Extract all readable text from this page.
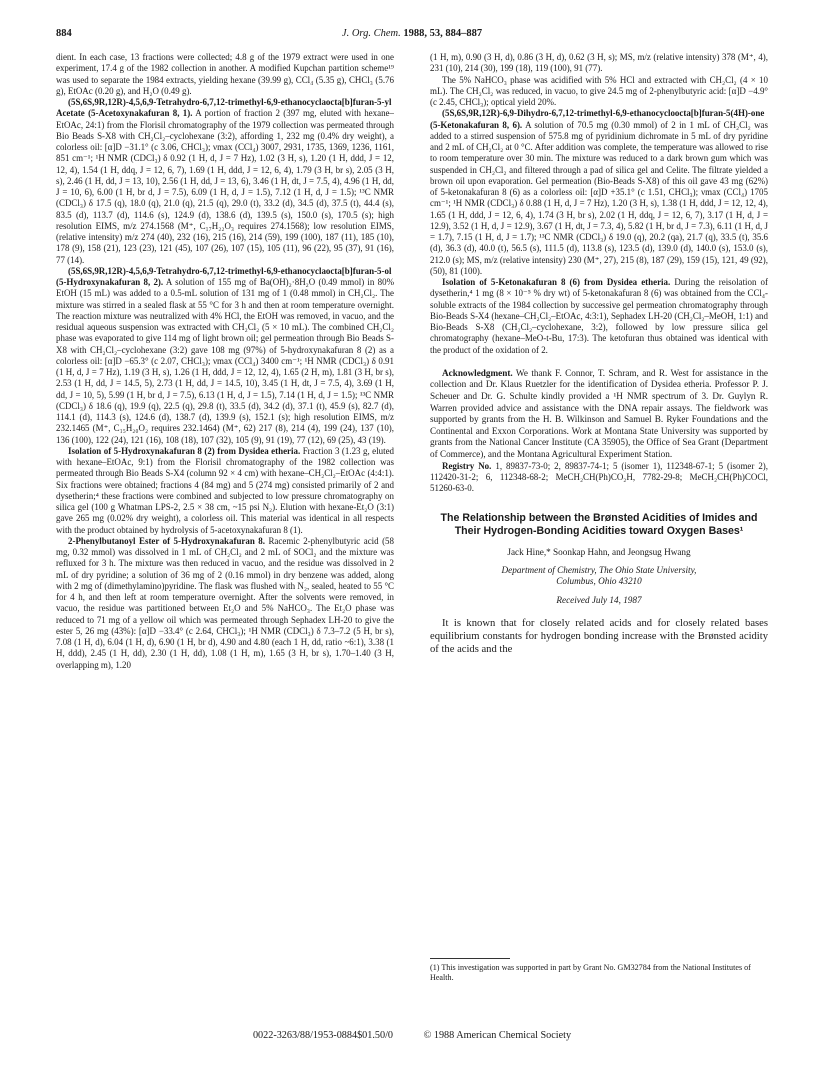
884	J. Org. Chem. 1988, 53, 884–887

dient. In each case, 13 fractions were collected; 4.8 g of the 1979 extract were used in one experiment, 17.4 g of the 1982 collection in another. A modified Kupchan partition scheme¹⁹ was used to separate the 1984 extracts, yielding hexane (39.99 g), CCl₄ (5.35 g), CHCl₃ (5.76 g), EtOAc (0.20 g), and H₂O (0.49 g).

(5S,6S,9R,12R)-4,5,6,9-Tetrahydro-6,7,12-trimethyl-6,9-ethanocyclaocta[b]furan-5-yl Acetate (5-Acetoxynakafuran 8, 1). A portion of fraction 2 (397 mg, eluted with hexane–EtOAc, 24:1) from the Florisil chromatography of the 1979 collection was permeated through Bio Beads S-X8 with CH₂Cl₂–cyclohexane (3:2), affording 1, 232 mg (0.4% dry weight), a colorless oil: [α]D −31.1° (c 3.06, CHCl₃); νmax (CCl₄) 3007, 2931, 1735, 1369, 1236, 1161, 851 cm⁻¹; ¹H NMR (CDCl₃) δ 0.92 (1 H, d, J = 7 Hz), 1.02 (3 H, s), 1.20 (1 H, ddd, J = 12, 12, 4), 1.54 (1 H, ddq, J = 12, 6, 7), 1.69 (1 H, ddd, J = 12, 6, 4), 1.79 (3 H, br s), 2.05 (3 H, s), 2.46 (1 H, dd, J = 13, 10), 2.56 (1 H, dd, J = 13, 6), 3.46 (1 H, dt, J = 7.5, 4), 4.96 (1 H, dd, J = 10, 6), 6.00 (1 H, br d, J = 7.5), 6.09 (1 H, d, J = 1.5), 7.12 (1 H, d, J = 1.5); ¹³C NMR (CDCl₃) δ 17.5 (q), 18.0 (q), 21.0 (q), 21.5 (q), 29.0 (t), 33.2 (d), 34.5 (d), 37.5 (t), 44.4 (s), 83.5 (d), 113.7 (d), 114.6 (s), 124.9 (d), 138.6 (d), 139.5 (s), 150.0 (s), 170.5 (s); high resolution EIMS, m/z 274.1568 (M⁺, C₁₇H₂₂O₃ requires 274.1568); low resolution EIMS, (relative intensity) m/z 274 (40), 232 (16), 215 (16), 214 (59), 199 (100), 187 (11), 185 (10), 178 (9), 158 (21), 123 (23), 121 (45), 107 (26), 107 (15), 105 (11), 96 (22), 95 (37), 91 (16), 77 (14).

(5S,6S,9R,12R)-4,5,6,9-Tetrahydro-6,7,12-trimethyl-6,9-ethanocyclaocta[b]furan-5-ol (5-Hydroxynakafuran 8, 2). A solution of 155 mg of Ba(OH)₂·8H₂O (0.49 mmol) in 80% EtOH (15 mL) was added to a 0.5-mL solution of 131 mg of 1 (0.48 mmol) in CH₂Cl₂. The mixture was stirred in a sealed flask at 55 °C for 3 h and then at room temperature overnight. The reaction mixture was neutralized with 4% HCl, the EtOH was removed, in vacuo, and the residual aqueous suspension was extracted with CH₂Cl₂ (5 × 10 mL). The combined CH₂Cl₂ phase was evaporated to give 114 mg of light brown oil; gel permeation through Bio Beads S-X8 with CH₂Cl₂–cyclohexane (3:2) gave 108 mg (97%) of 5-hydroxynakafuran 8 (2) as a colorless oil: [α]D −65.3° (c 2.07, CHCl₃); νmax (CCl₄) 3400 cm⁻¹; ¹H NMR (CDCl₃) δ 0.91 (1 H, d, J = 7 Hz), 1.19 (3 H, s), 1.26 (1 H, ddd, J = 12, 12, 4), 1.65 (2 H, m), 1.81 (3 H, br s), 2.53 (1 H, dd, J = 14.5, 5), 2.73 (1 H, dd, J = 14.5, 10), 3.45 (1 H, dt, J = 7.5, 4), 3.69 (1 H, dd, J = 10, 5), 5.99 (1 H, br d, J = 7.5), 6.13 (1 H, d, J = 1.5), 7.14 (1 H, d, J = 1.5); ¹³C NMR (CDCl₃) δ 18.6 (q), 19.9 (q), 22.5 (q), 29.8 (t), 33.5 (d), 34.2 (d), 37.1 (t), 45.9 (s), 82.7 (d), 114.1 (d), 114.3 (s), 124.6 (d), 138.7 (d), 139.9 (s), 152.1 (s); high resolution EIMS, m/z 232.1465 (M⁺, C₁₅H₂₀O₂ requires 232.1464) (M⁺, 62) 217 (8), 214 (4), 199 (24), 137 (10), 136 (100), 122 (24), 121 (16), 108 (18), 107 (32), 105 (9), 91 (19), 77 (12), 69 (25), 43 (19).

Isolation of 5-Hydroxynakafuran 8 (2) from Dysidea etheria. Fraction 3 (1.23 g, eluted with hexane–EtOAc, 9:1) from the Florisil chromatography of the 1982 collection was permeated through Bio Beads S-X4 (column 92 × 4 cm) with hexane–CH₂Cl₂–EtOAc (4:4:1). Six fractions were obtained; fractions 4 (84 mg) and 5 (274 mg) consisted primarily of 2 and dysetherin;⁴ these fractions were combined and subjected to low pressure chromatography on silica gel (100 g Whatman LPS-2, 2.5 × 38 cm, ~15 psi N₂). Elution with hexane-Et₂O (3:1) gave 265 mg (0.02% dry weight), a colorless oil. This material was identical in all respects with the product obtained by hydrolysis of 5-acetoxynakafuran 8 (1).

2-Phenylbutanoyl Ester of 5-Hydroxynakafuran 8. Racemic 2-phenylbutyric acid (58 mg, 0.32 mmol) was dissolved in 1 mL of CH₂Cl₂ and 2 mL of SOCl₂ and the mixture was refluxed for 3 h. The mixture was then reduced in vacuo, and the residue was dissolved in 2 mL of dry pyridine; a solution of 36 mg of 2 (0.16 mmol) in dry benzene was added, along with 2 mg of (dimethylamino)pyridine. The flask was flushed with N₂, sealed, heated to 55 °C for 4 h, and then left at room temperature overnight. After the solvents were removed, in vacuo, the residue was partitioned between Et₂O and 5% NaHCO₃. The Et₂O phase was reduced to 71 mg of a yellow oil which was permeated through Sephadex LH-20 to give the ester 5, 26 mg (43%): [α]D −33.4° (c 2.64, CHCl₃); ¹H NMR (CDCl₃) δ 7.3–7.2 (5 H, br s), 7.08 (1 H, d), 6.04 (1 H, d), 6.90 (1 H, br d), 4.90 and 4.80 (each 1 H, dd, ratio ~6:1), 3.38 (1 H, ddd), 2.45 (1 H, dd), 2.30 (1 H, dd), 1.08 (1 H, m), 1.65 (3 H, br s), 1.70–1.40 (3 H, overlapping m), 1.20

(1 H, m), 0.90 (3 H, d), 0.86 (3 H, d), 0.62 (3 H, s); MS, m/z (relative intensity) 378 (M⁺, 4), 231 (10), 214 (30), 199 (18), 119 (100), 91 (77).

The 5% NaHCO₃ phase was acidified with 5% HCl and extracted with CH₂Cl₂ (4 × 10 mL). The CH₂Cl₂ was reduced, in vacuo, to give 24.5 mg of 2-phenylbutyric acid: [α]D −4.9° (c 2.45, CHCl₃); optical yield 20%.

(5S,6S,9R,12R)-6,9-Dihydro-6,7,12-trimethyl-6,9-ethanocycloocta[b]furan-5(4H)-one (5-Ketonakafuran 8, 6). A solution of 70.5 mg (0.30 mmol) of 2 in 1 mL of CH₂Cl₂ was added to a stirred suspension of 575.8 mg of pyridinium dichromate in 5 mL of dry pyridine and 2 mL of CH₂Cl₂ at 0 °C. After addition was complete, the temperature was allowed to rise to room temperature over 30 min. The mixture was reduced to a dark brown gum which was suspended in CH₂Cl₂ and filtered through a pad of silica gel and Celite. The filtrate yielded a brown oil upon evaporation. Gel permeation (Bio-Beads S-X8) of this oil gave 43 mg (62%) of 5-ketonakafuran 8 (6) as a colorless oil: [α]D +35.1° (c 1.51, CHCl₃); νmax (CCl₄) 1705 cm⁻¹; ¹H NMR (CDCl₃) δ 0.88 (1 H, d, J = 7 Hz), 1.20 (3 H, s), 1.38 (1 H, ddd, J = 12, 12, 4), 1.65 (1 H, ddd, J = 12, 6, 4), 1.74 (3 H, br s), 2.02 (1 H, ddq, J = 12, 6, 7), 3.17 (1 H, d, J = 12.9), 3.52 (1 H, d, J = 12.9), 3.67 (1 H, dt, J = 7.3, 4), 5.82 (1 H, br d, J = 7.3), 6.11 (1 H, d, J = 1.7), 7.15 (1 H, d, J = 1.7); ¹³C NMR (CDCl₃) δ 19.0 (q), 20.2 (qa), 21.7 (q), 33.5 (t), 35.6 (d), 36.3 (d), 40.0 (t), 56.5 (s), 111.5 (d), 113.8 (s), 123.5 (d), 139.0 (d), 140.0 (s), 153.0 (s), 212.0 (s); MS, m/z (relative intensity) 230 (M⁺, 27), 215 (8), 187 (29), 159 (15), 121, 49 (92), (50), 81 (100).

Isolation of 5-Ketonakafuran 8 (6) from Dysidea etheria. During the reisolation of dysetherin,⁴ 1 mg (8 × 10⁻⁵ % dry wt) of 5-ketonakafuran 8 (6) was obtained from the CCl₄-soluble extracts of the 1984 collection by successive gel permeation chromatography through Bio-Beads S-X4 (hexane–CH₂Cl₂–EtOAc, 4:3:1), Sephadex LH-20 (CH₂Cl₂–MeOH, 1:1) and Bio-Beads S-X8 (CH₂Cl₂–cyclohexane, 3:2), followed by low pressure silica gel chromatography (hexane–MeO-t-Bu, 17:3). The ketofuran thus obtained was identical with the product of the oxidation of 2.

Acknowledgment. We thank F. Connor, T. Schram, and R. West for assistance in the collection and Dr. Klaus Ruetzler for the identification of Dysidea etheria. Professor P. J. Scheuer and Dr. G. Schulte kindly provided a ¹H NMR spectrum of 3. Dr. Guylyn R. Warren provided advice and assistance with the DNA repair assays. The fieldwork was supported by grants from the H. B. Wilkinson and Samuel B. Ryker Foundations and the Continental and Exxon Corporations. Work at Montana State University was supported by grants from the National Cancer Institute (CA 35905), the Office of Sea Grant (Department of Commerce), and the Montana Agricultural Experiment Station.

Registry No. 1, 89837-73-0; 2, 89837-74-1; 5 (isomer 1), 112348-67-1; 5 (isomer 2), 112420-31-2; 6, 112348-68-2; MeCH₂CH(Ph)CO₂H, 7782-29-8; MeCH₂CH(Ph)COCl, 51260-63-0.

The Relationship between the Brønsted Acidities of Imides and Their Hydrogen-Bonding Acidities toward Oxygen Bases¹
Jack Hine,* Soonkap Hahn, and Jeongsug Hwang
Department of Chemistry, The Ohio State University,
Columbus, Ohio 43210
Received July 14, 1987

It is known that for closely related acids and for closely related bases equilibrium constants for hydrogen bonding increase with the Brønsted acidity of the acids and the

(1) This investigation was supported in part by Grant No. GM32784 from the National Institutes of Health.
0022-3263/88/1953-0884$01.50/0	© 1988 American Chemical Society
